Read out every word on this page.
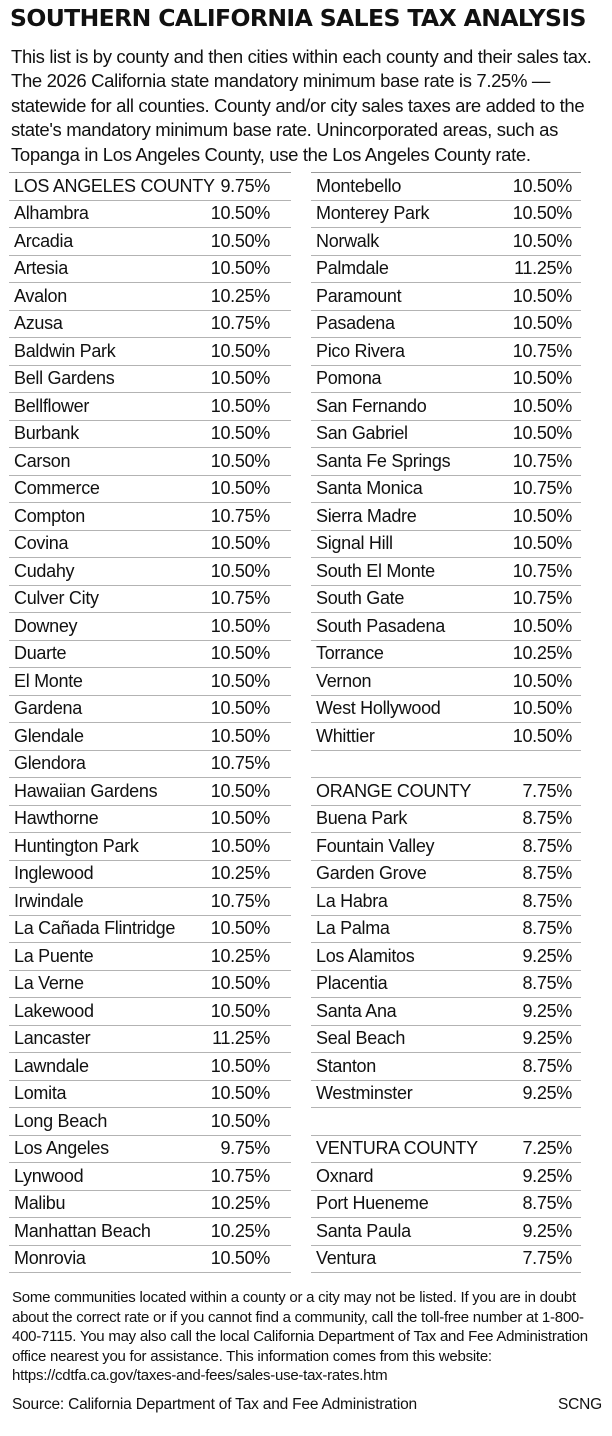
SOUTHERN CALIFORNIA SALES TAX ANALYSIS
This list is by county and then cities within each county and their sales tax. The 2026 California state mandatory minimum base rate is 7.25% — statewide for all counties. County and/or city sales taxes are added to the state's mandatory minimum base rate. Unincorporated areas, such as Topanga in Los Angeles County, use the Los Angeles County rate.
LOS ANGELES COUNTY 9.75%
Alhambra	10.50%
Arcadia	10.50%
Artesia	10.50%
Avalon	10.25%
Azusa	10.75%
Baldwin Park	10.50%
Bell Gardens	10.50%
Bellflower	10.50%
Burbank	10.50%
Carson	10.50%
Commerce	10.50%
Compton	10.75%
Covina	10.50%
Cudahy	10.50%
Culver City	10.75%
Downey	10.50%
Duarte	10.50%
El Monte	10.50%
Gardena	10.50%
Glendale	10.50%
Glendora	10.75%
Hawaiian Gardens	10.50%
Hawthorne	10.50%
Huntington Park	10.50%
Inglewood	10.25%
Irwindale	10.75%
La Cañada Flintridge 10.50%
La Puente	10.25%
La Verne	10.50%
Lakewood	10.50%
Lancaster	11.25%
Lawndale	10.50%
Lomita	10.50%
Long Beach	10.50%
Los Angeles	9.75%
Lynwood	10.75%
Malibu	10.25%
Manhattan Beach	10.25%
Monrovia	10.50%
Montebello	10.50%
Monterey Park	10.50%
Norwalk	10.50%
Palmdale	11.25%
Paramount	10.50%
Pasadena	10.50%
Pico Rivera	10.75%
Pomona	10.50%
San Fernando	10.50%
San Gabriel	10.50%
Santa Fe Springs	10.75%
Santa Monica	10.75%
Sierra Madre	10.50%
Signal Hill	10.50%
South El Monte	10.75%
South Gate	10.75%
South Pasadena	10.50%
Torrance	10.25%
Vernon	10.50%
West Hollywood	10.50%
Whittier	10.50%
ORANGE COUNTY	7.75%
Buena Park	8.75%
Fountain Valley	8.75%
Garden Grove	8.75%
La Habra	8.75%
La Palma	8.75%
Los Alamitos	9.25%
Placentia	8.75%
Santa Ana	9.25%
Seal Beach	9.25%
Stanton	8.75%
Westminster	9.25%
VENTURA COUNTY 7.25%
Oxnard	9.25%
Port Hueneme	8.75%
Santa Paula	9.25%
Ventura	7.75%
Some communities located within a county or a city may not be listed. If you are in doubt about the correct rate or if you cannot find a community, call the toll-free number at 1-800-400-7115. You may also call the local California Department of Tax and Fee Administration office nearest you for assistance. This information comes from this website: https://cdtfa.ca.gov/taxes-and-fees/sales-use-tax-rates.htm
Source: California Department of Tax and Fee Administration	SCNG
